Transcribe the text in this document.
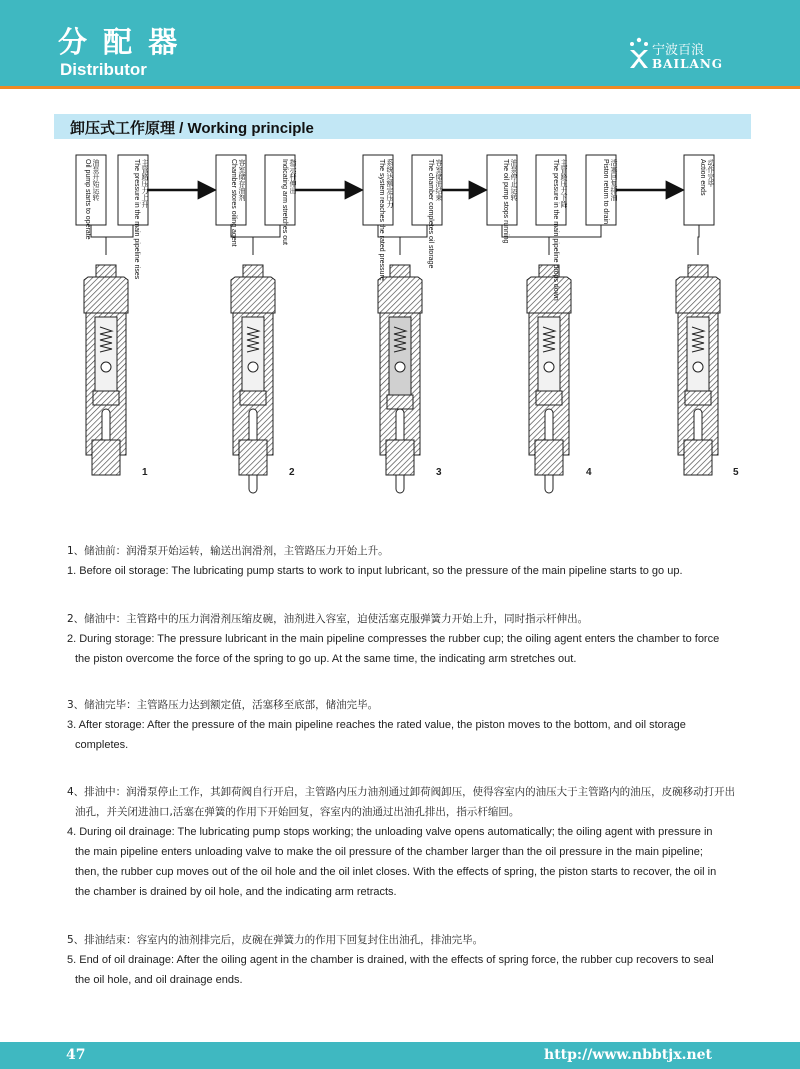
分 配 器
Distributor
宁波百浪
BAILANG
卸压式工作原理 / Working principle
油泵开始运转
Oil pump starts to operate	主管路压力上升
The pressure in the main pipeline rises	容室储存油剂
Chamber stores oiling agent	指示杆伸出
Indicating arm stretches out	系统达额定压力
The system reaches the rated pressure	容室储油结束
The chamber completes oil storage	油泵停止运转
The oil pump stops running	主管路压力下降
The pressure in the main pipeline drops down	活塞回复排油
Piston return to drain	动作完毕
Action ends
1	2	3	4	5

1、储油前：润滑泵开始运转，输送出润滑剂，主管路压力开始上升。

1. Before oil storage: The lubricating pump starts to work to input lubricant, so the pressure of the main pipeline starts to go up.

2、储油中：主管路中的压力润滑剂压缩皮碗，油剂进入容室，迫使活塞克服弹簧力开始上升，同时指示杆伸出。

2. During storage: The pressure lubricant in the main pipeline compresses the rubber cup; the oiling agent enters the chamber to force

the piston overcome the force of the spring to go up. At the same time, the indicating arm stretches out.

3、储油完毕：主管路压力达到额定值，活塞移至底部，储油完毕。

3. After storage: After the pressure of the main pipeline reaches the rated value, the piston moves to the bottom, and oil storage

completes.

4、排油中：润滑泵停止工作，其卸荷阀自行开启，主管路内压力油剂通过卸荷阀卸压，使得容室内的油压大于主管路内的油压，皮碗移动打开出

油孔，并关闭进油口,活塞在弹簧的作用下开始回复，容室内的油通过出油孔排出，指示杆缩回。

4. During oil drainage: The lubricating pump stops working; the unloading valve opens automatically; the oiling agent with pressure in

the main pipeline enters unloading valve to make the oil pressure of the chamber larger than the oil pressure in the main pipeline;

then, the rubber cup moves out of the oil hole and the oil inlet closes. With the effects of spring, the piston starts to recover, the oil in

the chamber is drained by oil hole, and the indicating arm retracts.

5、排油结束：容室内的油剂排完后，皮碗在弹簧力的作用下回复封住出油孔，排油完毕。

5. End of oil drainage: After the oiling agent in the chamber is drained, with the effects of spring force, the rubber cup recovers to seal

the oil hole, and oil drainage ends.

47	http://www.nbbtjx.net
